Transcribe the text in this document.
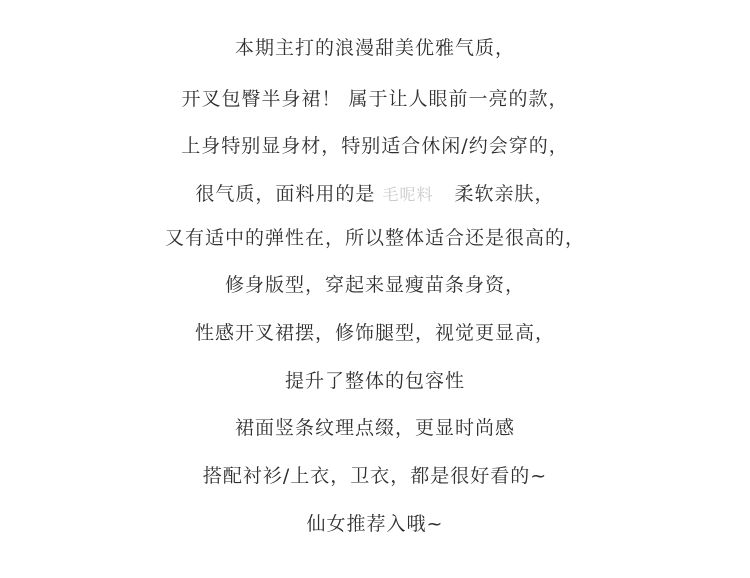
本期主打的浪漫甜美优雅气质，
开叉包臀半身裙！ 属于让人眼前一亮的款，
上身特别显身材，特别适合休闲/约会穿的，
很气质，面料用的是 毛呢料 柔软亲肤，
又有适中的弹性在，所以整体适合还是很高的，
修身版型，穿起来显瘦苗条身资，
性感开叉裙摆，修饰腿型，视觉更显高，
提升了整体的包容性
裙面竖条纹理点缀，更显时尚感
搭配衬衫/上衣，卫衣，都是很好看的~
仙女推荐入哦~
